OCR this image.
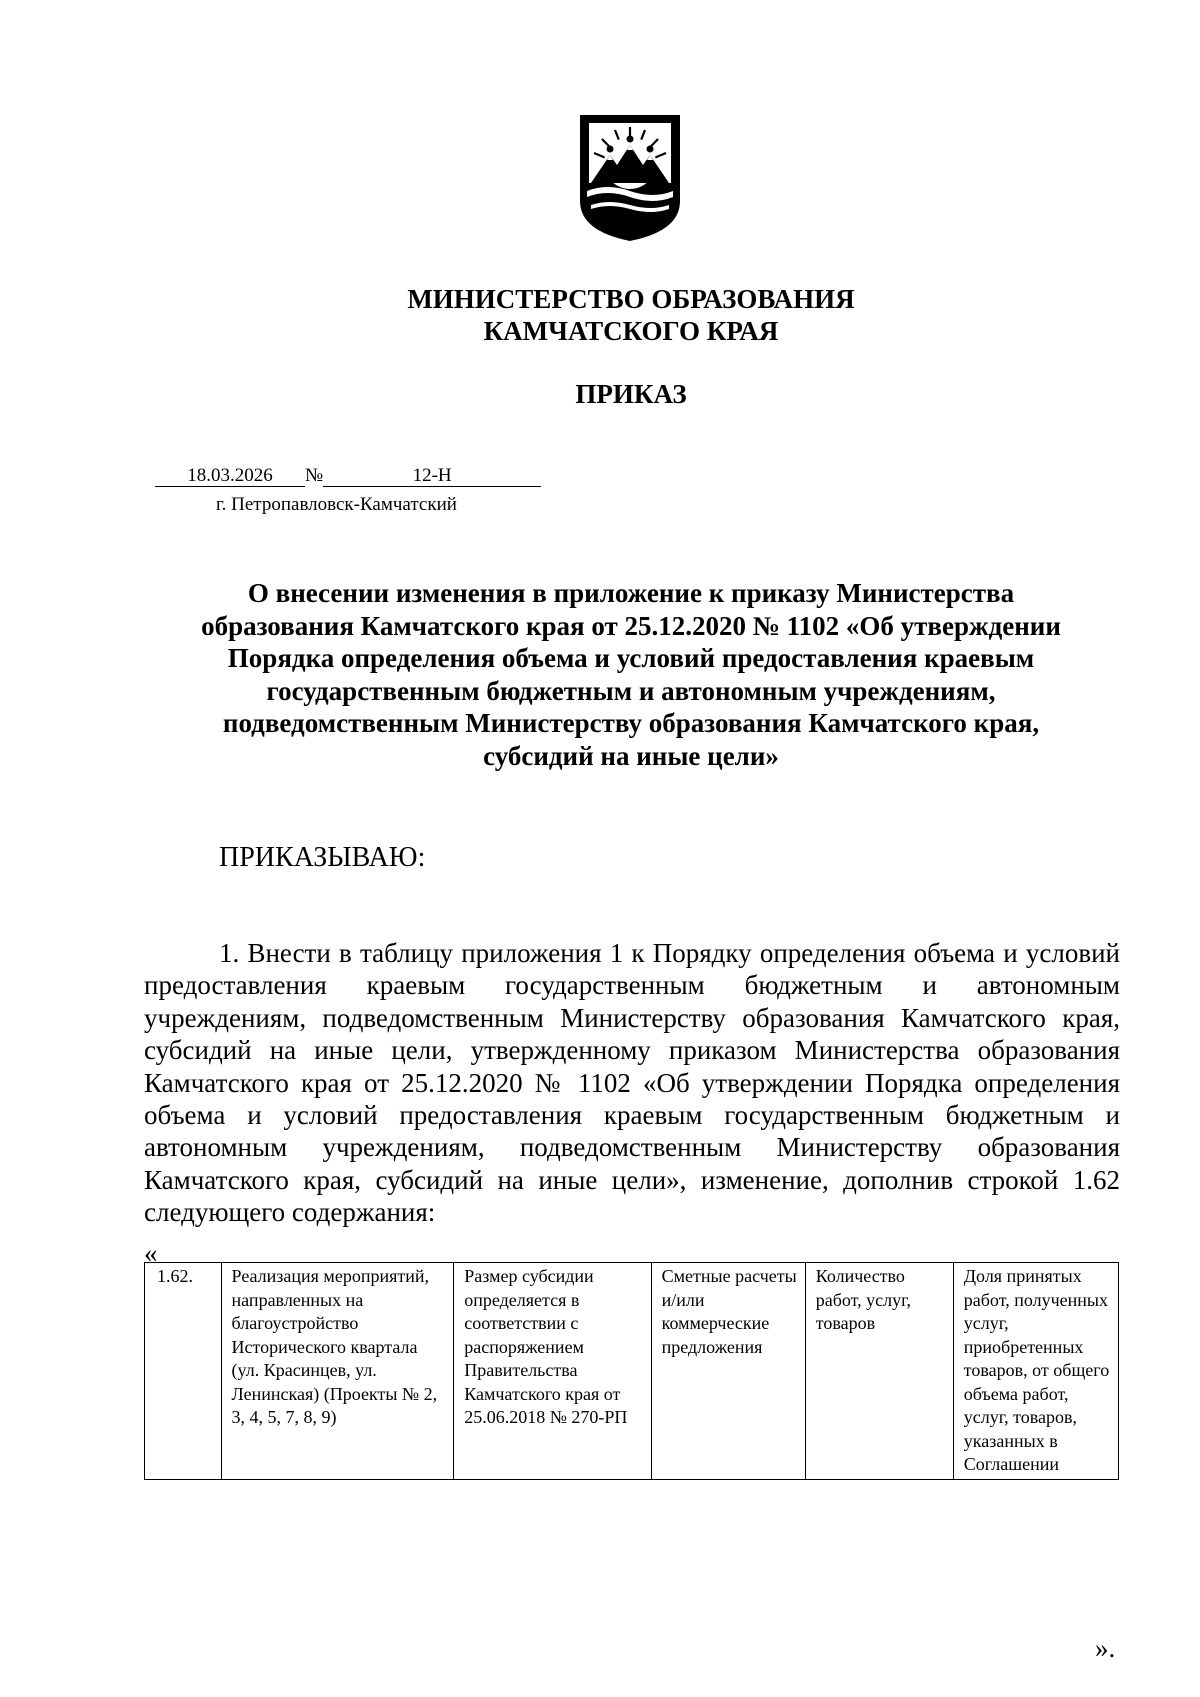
МИНИСТЕРСТВО ОБРАЗОВАНИЯ
КАМЧАТСКОГО КРАЯ
ПРИКАЗ
18.03.2026 №	12-Н
г. Петропавловск-Камчатский
О внесении изменения в приложение к приказу Министерства
образования Камчатского края от 25.12.2020 № 1102 «Об утверждении
Порядка определения объема и условий предоставления краевым
государственным бюджетным и автономным учреждениям,
подведомственным Министерству образования Камчатского края,
субсидий на иные цели»
ПРИКАЗЫВАЮ:

1. Внести в таблицу приложения 1 к Порядку определения объема и условий предоставления краевым государственным бюджетным и автономным учреждениям, подведомственным Министерству образования Камчатского края, субсидий на иные цели, утвержденному приказом Министерства образования Камчатского края от 25.12.2020 № 1102 «Об утверждении Порядка определения объема и условий предоставления краевым государственным бюджетным и автономным учреждениям, подведомственным Министерству образования Камчатского края, субсидий на иные цели», изменение, дополнив строкой 1.62 следующего содержания:

«
1.62.	Реализация мероприятий, направленных на благоустройство Исторического квартала (ул. Красинцев, ул. Ленинская) (Проекты № 2, 3, 4, 5, 7, 8, 9)	Размер субсидии определяется в соответствии с распоряжением Правительства Камчатского края от 25.06.2018 № 270-РП	Сметные расчеты и/или коммерческие предложения	Количество работ, услуг, товаров	Доля принятых работ, полученных услуг, приобретенных товаров, от общего объема работ, услуг, товаров, указанных в Соглашении
».
